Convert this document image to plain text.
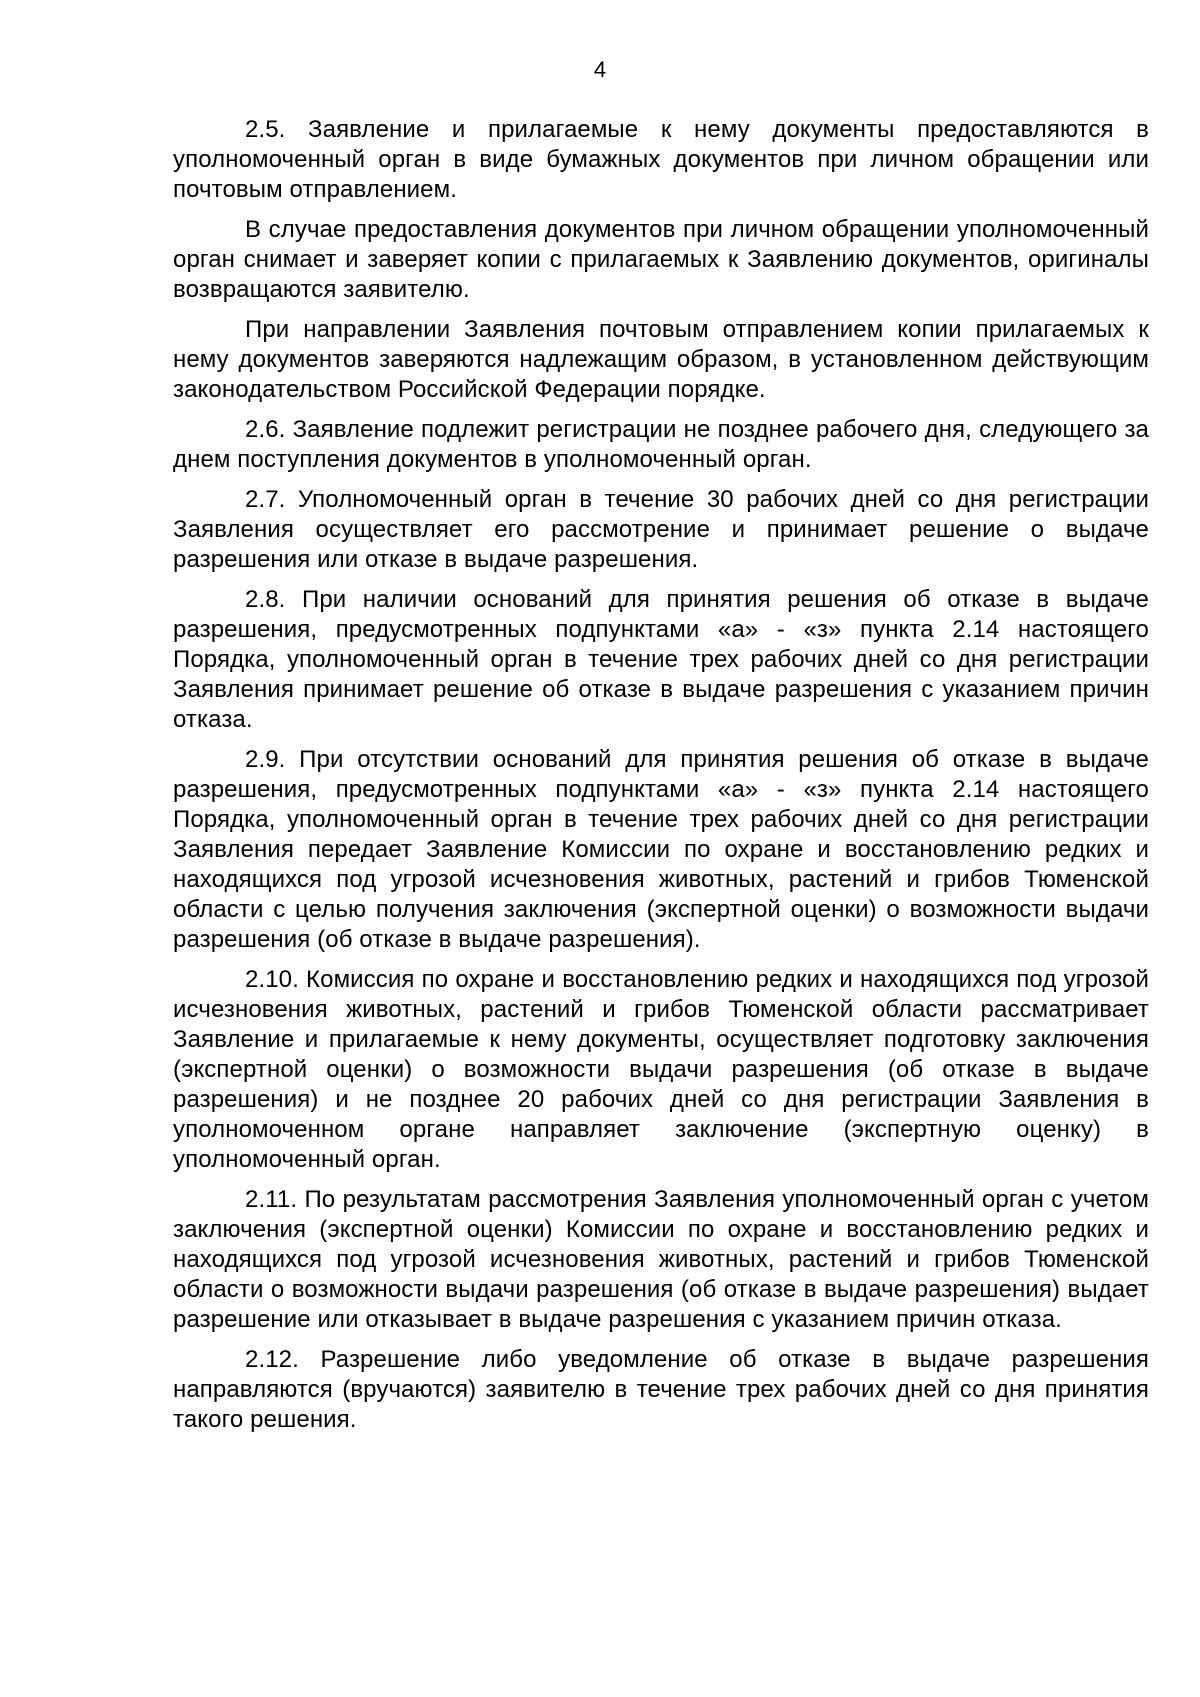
4

2.5. Заявление и прилагаемые к нему документы предоставляются в уполномоченный орган в виде бумажных документов при личном обращении или почтовым отправлением.

В случае предоставления документов при личном обращении уполномоченный орган снимает и заверяет копии с прилагаемых к Заявлению документов, оригиналы возвращаются заявителю.

При направлении Заявления почтовым отправлением копии прилагаемых к нему документов заверяются надлежащим образом, в установленном действующим законодательством Российской Федерации порядке.

2.6. Заявление подлежит регистрации не позднее рабочего дня, следующего за днем поступления документов в уполномоченный орган.

2.7. Уполномоченный орган в течение 30 рабочих дней со дня регистрации Заявления осуществляет его рассмотрение и принимает решение о выдаче разрешения или отказе в выдаче разрешения.

2.8. При наличии оснований для принятия решения об отказе в выдаче разрешения, предусмотренных подпунктами «а» - «з» пункта 2.14 настоящего Порядка, уполномоченный орган в течение трех рабочих дней со дня регистрации Заявления принимает решение об отказе в выдаче разрешения с указанием причин отказа.

2.9. При отсутствии оснований для принятия решения об отказе в выдаче разрешения, предусмотренных подпунктами «а» - «з» пункта 2.14 настоящего Порядка, уполномоченный орган в течение трех рабочих дней со дня регистрации Заявления передает Заявление Комиссии по охране и восстановлению редких и находящихся под угрозой исчезновения животных, растений и грибов Тюменской области с целью получения заключения (экспертной оценки) о возможности выдачи разрешения (об отказе в выдаче разрешения).

2.10. Комиссия по охране и восстановлению редких и находящихся под угрозой исчезновения животных, растений и грибов Тюменской области рассматривает Заявление и прилагаемые к нему документы, осуществляет подготовку заключения (экспертной оценки) о возможности выдачи разрешения (об отказе в выдаче разрешения) и не позднее 20 рабочих дней со дня регистрации Заявления в уполномоченном органе направляет заключение (экспертную оценку) в уполномоченный орган.

2.11. По результатам рассмотрения Заявления уполномоченный орган с учетом заключения (экспертной оценки) Комиссии по охране и восстановлению редких и находящихся под угрозой исчезновения животных, растений и грибов Тюменской области о возможности выдачи разрешения (об отказе в выдаче разрешения) выдает разрешение или отказывает в выдаче разрешения с указанием причин отказа.

2.12. Разрешение либо уведомление об отказе в выдаче разрешения направляются (вручаются) заявителю в течение трех рабочих дней со дня принятия такого решения.
